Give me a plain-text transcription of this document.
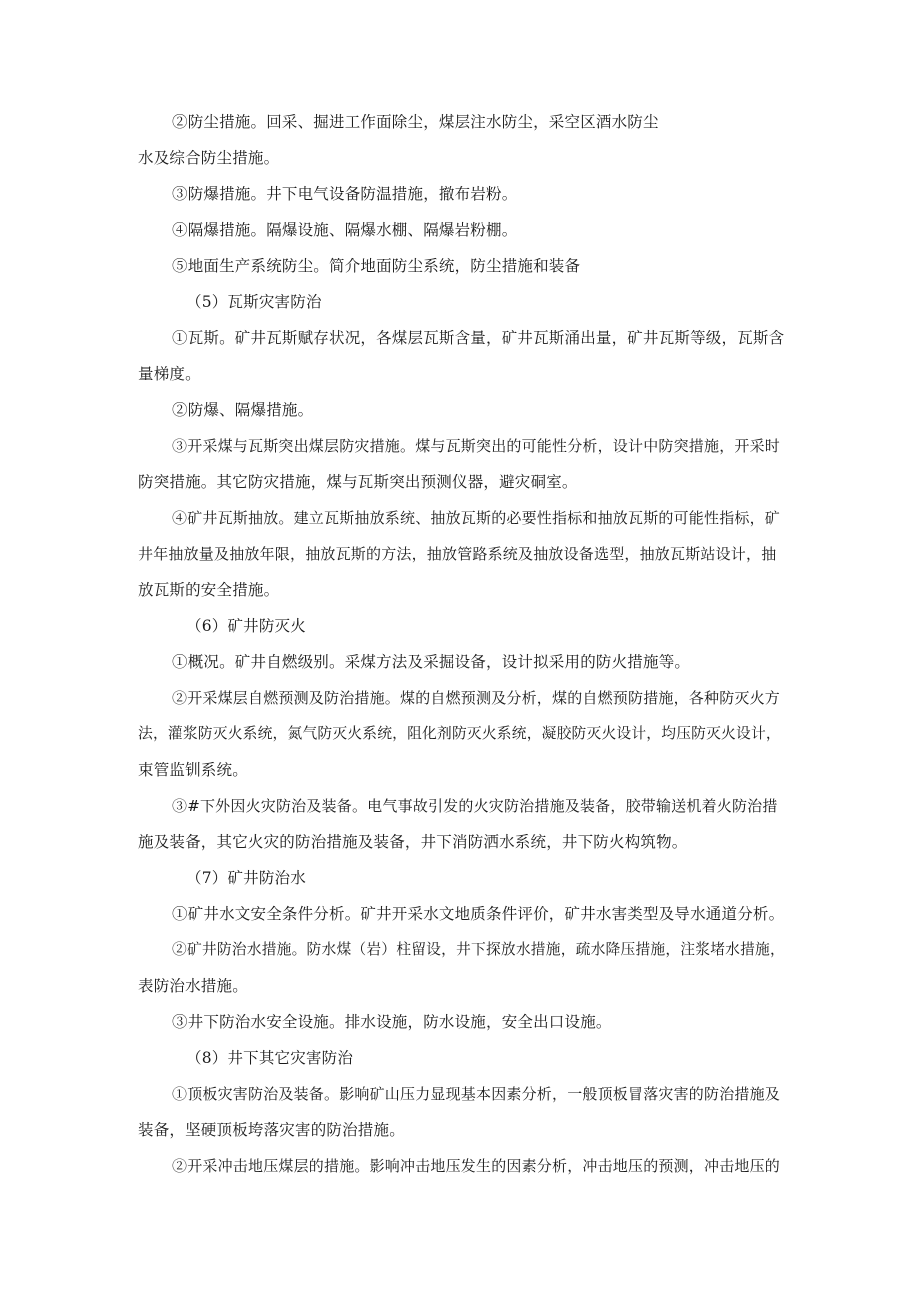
②防尘措施。回采、掘进工作面除尘，煤层注水防尘，采空区酒水防尘
水及综合防尘措施。
③防爆措施。井下电气设备防温措施，撤布岩粉。
④隔爆措施。隔爆设施、隔爆水棚、隔爆岩粉棚。
⑤地面生产系统防尘。简介地面防尘系统，防尘措施和装备
（5）瓦斯灾害防治
①瓦斯。矿井瓦斯赋存状况，各煤层瓦斯含量，矿井瓦斯涌出量，矿井瓦斯等级，瓦斯含
量梯度。
②防爆、隔爆措施。
③开采煤与瓦斯突出煤层防灾措施。煤与瓦斯突出的可能性分析，设计中防突措施，开采时
防突措施。其它防灾措施，煤与瓦斯突出预测仪器，避灾硐室。
④矿井瓦斯抽放。建立瓦斯抽放系统、抽放瓦斯的必要性指标和抽放瓦斯的可能性指标，矿
井年抽放量及抽放年限，抽放瓦斯的方法，抽放管路系统及抽放设备选型，抽放瓦斯站设计，抽
放瓦斯的安全措施。
（6）矿井防灭火
①概况。矿井自燃级别。采煤方法及采掘设备，设计拟采用的防火措施等。
②开采煤层自燃预测及防治措施。煤的自燃预测及分析，煤的自燃预防措施，各种防灭火方
法，灌浆防灭火系统，氮气防灭火系统，阻化剂防灭火系统，凝胶防灭火设计，均压防灭火设计，
束管监钏系统。
③#下外因火灾防治及装备。电气事故引发的火灾防治措施及装备，胶带输送机着火防治措
施及装备，其它火灾的防治措施及装备，井下消防洒水系统，井下防火构筑物。
（7）矿井防治水
①矿井水文安全条件分析。矿井开采水文地质条件评价，矿井水害类型及导水通道分析。
②矿井防治水措施。防水煤（岩）柱留设，井下探放水措施，疏水降压措施，注浆堵水措施，
表防治水措施。
③井下防治水安全设施。排水设施，防水设施，安全出口设施。
（8）井下其它灾害防治
①顶板灾害防治及装备。影响矿山压力显现基本因素分析，一般顶板冒落灾害的防治措施及
装备，坚硬顶板垮落灾害的防治措施。
②开采冲击地压煤层的措施。影响冲击地压发生的因素分析，冲击地压的预测，冲击地压的
